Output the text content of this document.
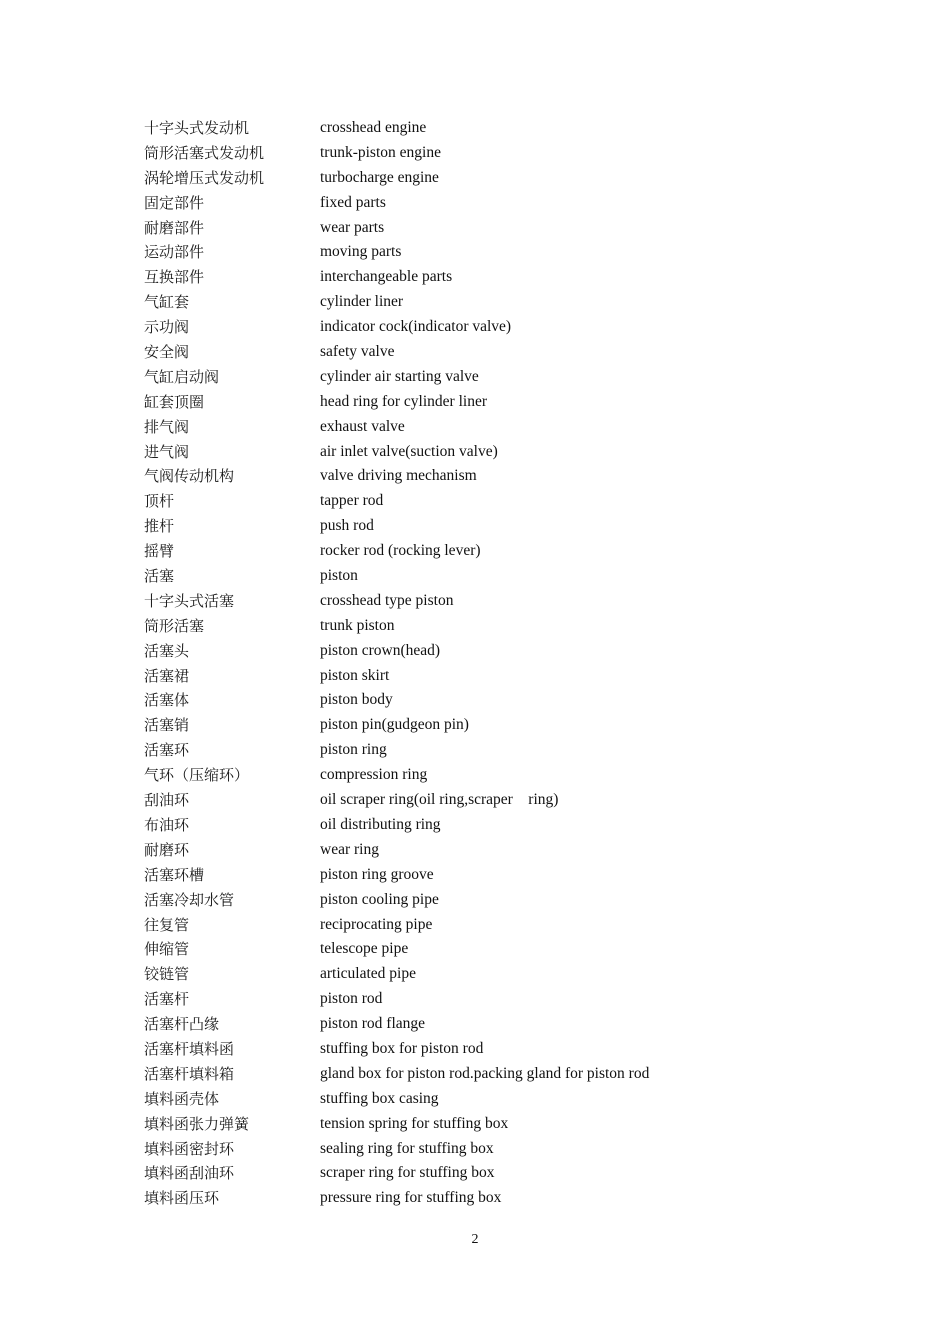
十字头式发动机	crosshead engine
筒形活塞式发动机	trunk-piston engine
涡轮增压式发动机	turbocharge engine
固定部件	fixed parts
耐磨部件	wear parts
运动部件	moving parts
互换部件	interchangeable parts
气缸套	cylinder liner
示功阀	indicator cock(indicator valve)
安全阀	safety valve
气缸启动阀	cylinder air starting valve
缸套顶圈	head ring for cylinder liner
排气阀	exhaust valve
进气阀	air inlet valve(suction valve)
气阀传动机构	valve driving mechanism
顶杆	tapper rod
推杆	push rod
摇臂	rocker rod (rocking lever)
活塞	piston
十字头式活塞	crosshead type piston
筒形活塞	trunk piston
活塞头	piston crown(head)
活塞裙	piston skirt
活塞体	piston body
活塞销	piston pin(gudgeon pin)
活塞环	piston ring
气环（压缩环）	compression ring
刮油环	oil scraper ring(oil ring,scraper    ring)
布油环	oil distributing ring
耐磨环	wear ring
活塞环槽	piston ring groove
活塞冷却水管	piston cooling pipe
往复管	reciprocating pipe
伸缩管	telescope pipe
铰链管	articulated pipe
活塞杆	piston rod
活塞杆凸缘	piston rod flange
活塞杆填料函	stuffing box for piston rod
活塞杆填料箱	gland box for piston rod.packing gland for piston rod
填料函壳体	stuffing box casing
填料函张力弹簧	tension spring for stuffing box
填料函密封环	sealing ring for stuffing box
填料函刮油环	scraper ring for stuffing box
填料函压环	pressure ring for stuffing box
2
